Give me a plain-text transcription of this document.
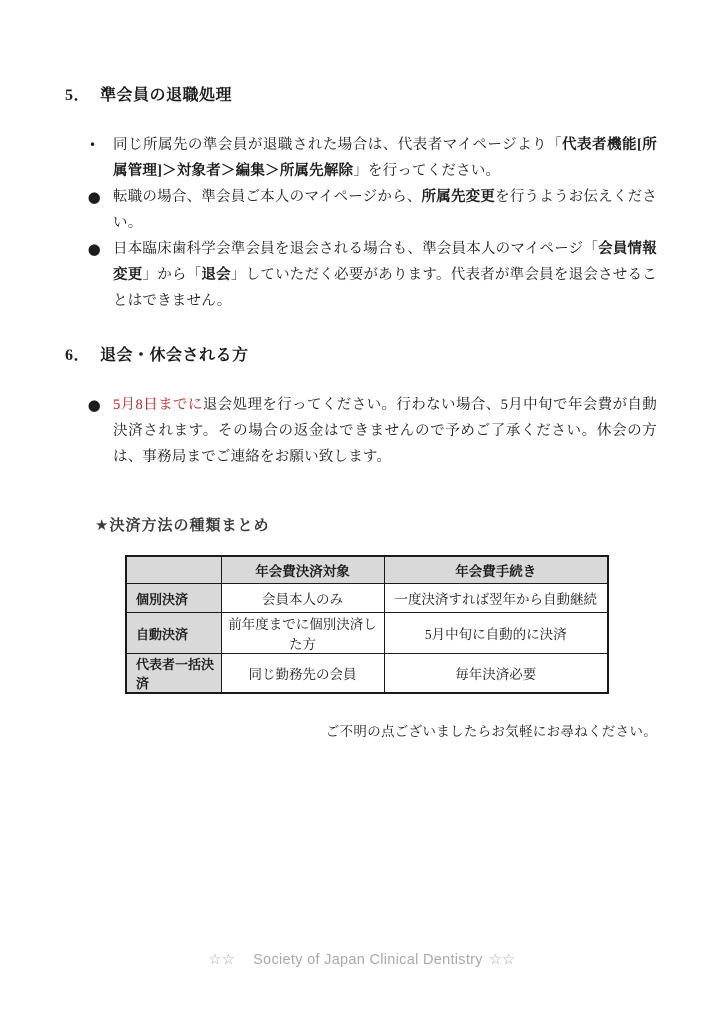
5． 準会員の退職処理
• 同じ所属先の準会員が退職された場合は、代表者マイページより「代表者機能[所属管理]＞対象者＞編集＞所属先解除」を行ってください。
● 転職の場合、準会員ご本人のマイページから、所属先変更を行うようお伝えください。
● 日本臨床歯科学会準会員を退会される場合も、準会員本人のマイページ「会員情報変更」から「退会」していただく必要があります。代表者が準会員を退会させることはできません。
6． 退会・休会される方
● 5月8日までに退会処理を行ってください。行わない場合、5月中旬で年会費が自動決済されます。その場合の返金はできませんので予めご了承ください。休会の方は、事務局までご連絡をお願い致します。
★決済方法の種類まとめ
	年会費決済対象	年会費手続き
個別決済	会員本人のみ	一度決済すれば翌年から自動継続
自動決済	前年度までに個別決済した方	5月中旬に自動的に決済
代表者一括決済	同じ勤務先の会員	毎年決済必要
ご不明の点ございましたらお気軽にお尋ねください。
☆☆ Society of Japan Clinical Dentistry ☆☆
